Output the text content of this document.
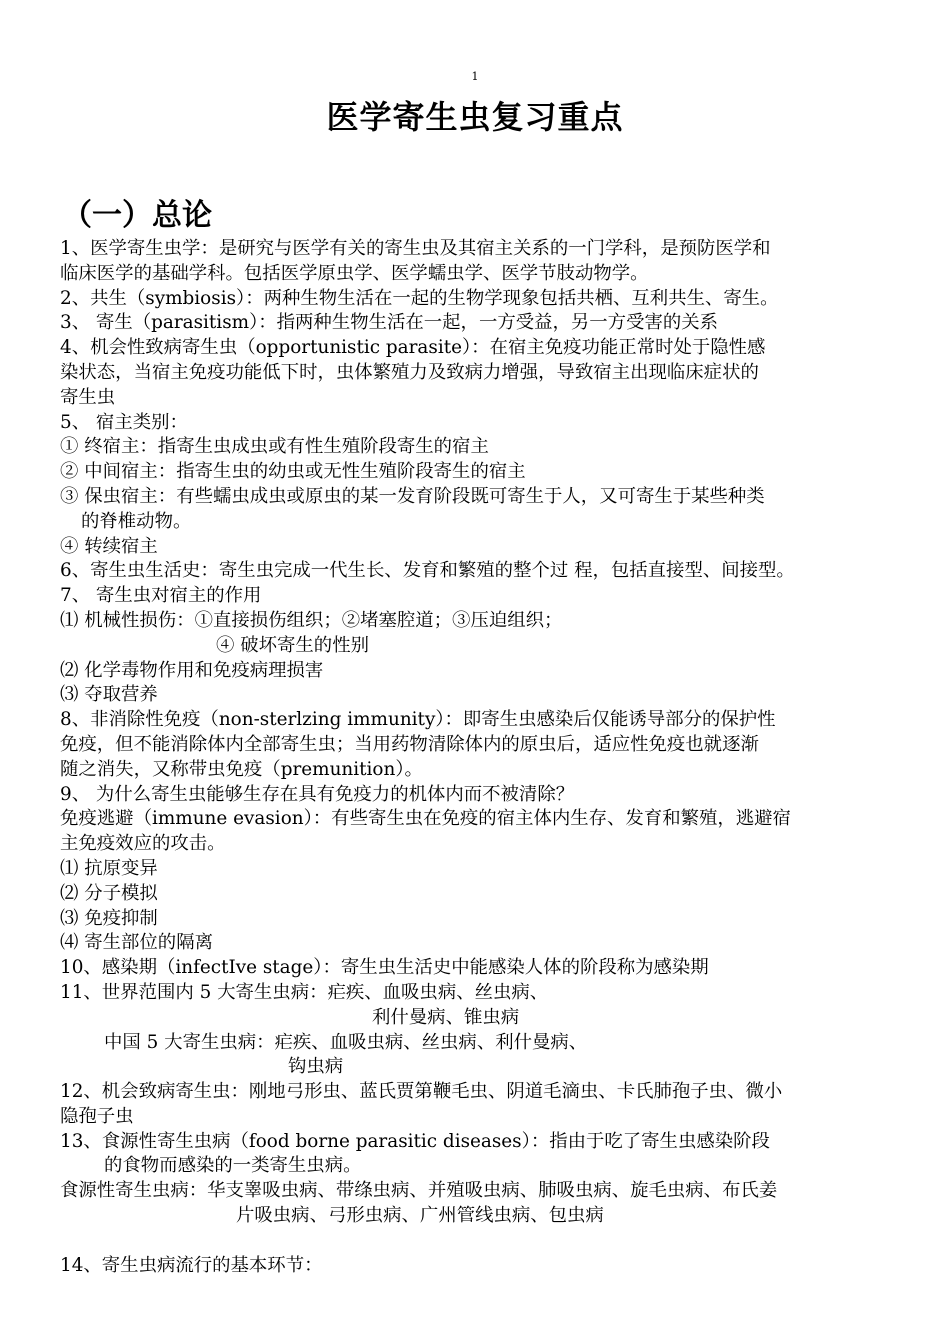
1
医学寄生虫复习重点
（一）总论
1、医学寄生虫学：是研究与医学有关的寄生虫及其宿主关系的一门学科，是预防医学和
临床医学的基础学科。包括医学原虫学、医学蠕虫学、医学节肢动物学。
2、共生（symbiosis）：两种生物生活在一起的生物学现象包括共栖、互利共生、寄生。
3、 寄生（parasitism）：指两种生物生活在一起，一方受益，另一方受害的关系
4、机会性致病寄生虫（opportunistic parasite）：在宿主免疫功能正常时处于隐性感
染状态，当宿主免疫功能低下时，虫体繁殖力及致病力增强，导致宿主出现临床症状的
寄生虫
5、 宿主类别：
① 终宿主：指寄生虫成虫或有性生殖阶段寄生的宿主
② 中间宿主：指寄生虫的幼虫或无性生殖阶段寄生的宿主
③ 保虫宿主：有些蠕虫成虫或原虫的某一发育阶段既可寄生于人，又可寄生于某些种类
的脊椎动物。
④ 转续宿主
6、寄生虫生活史：寄生虫完成一代生长、发育和繁殖的整个过 程，包括直接型、间接型。
7、 寄生虫对宿主的作用
⑴ 机械性损伤：①直接损伤组织；②堵塞腔道；③压迫组织；
④ 破坏寄生的性别
⑵ 化学毒物作用和免疫病理损害
⑶ 夺取营养
8、非消除性免疫（non-sterlzing immunity）：即寄生虫感染后仅能诱导部分的保护性
免疫，但不能消除体内全部寄生虫；当用药物清除体内的原虫后，适应性免疫也就逐渐
随之消失，又称带虫免疫（premunition）。
9、 为什么寄生虫能够生存在具有免疫力的机体内而不被清除？
免疫逃避（immune evasion）：有些寄生虫在免疫的宿主体内生存、发育和繁殖，逃避宿
主免疫效应的攻击。
⑴ 抗原变异
⑵ 分子模拟
⑶ 免疫抑制
⑷ 寄生部位的隔离
10、感染期（infectIve stage）：寄生虫生活史中能感染人体的阶段称为感染期
11、世界范围内 5 大寄生虫病：疟疾、血吸虫病、丝虫病、
利什曼病、锥虫病
中国 5 大寄生虫病：疟疾、血吸虫病、丝虫病、利什曼病、
钩虫病
12、机会致病寄生虫：刚地弓形虫、蓝氏贾第鞭毛虫、阴道毛滴虫、卡氏肺孢子虫、微小
隐孢子虫
13、食源性寄生虫病（food borne parasitic diseases）：指由于吃了寄生虫感染阶段
的食物而感染的一类寄生虫病。
食源性寄生虫病：华支睾吸虫病、带绦虫病、并殖吸虫病、肺吸虫病、旋毛虫病、布氏姜
片吸虫病、弓形虫病、广州管线虫病、包虫病
14、寄生虫病流行的基本环节：
